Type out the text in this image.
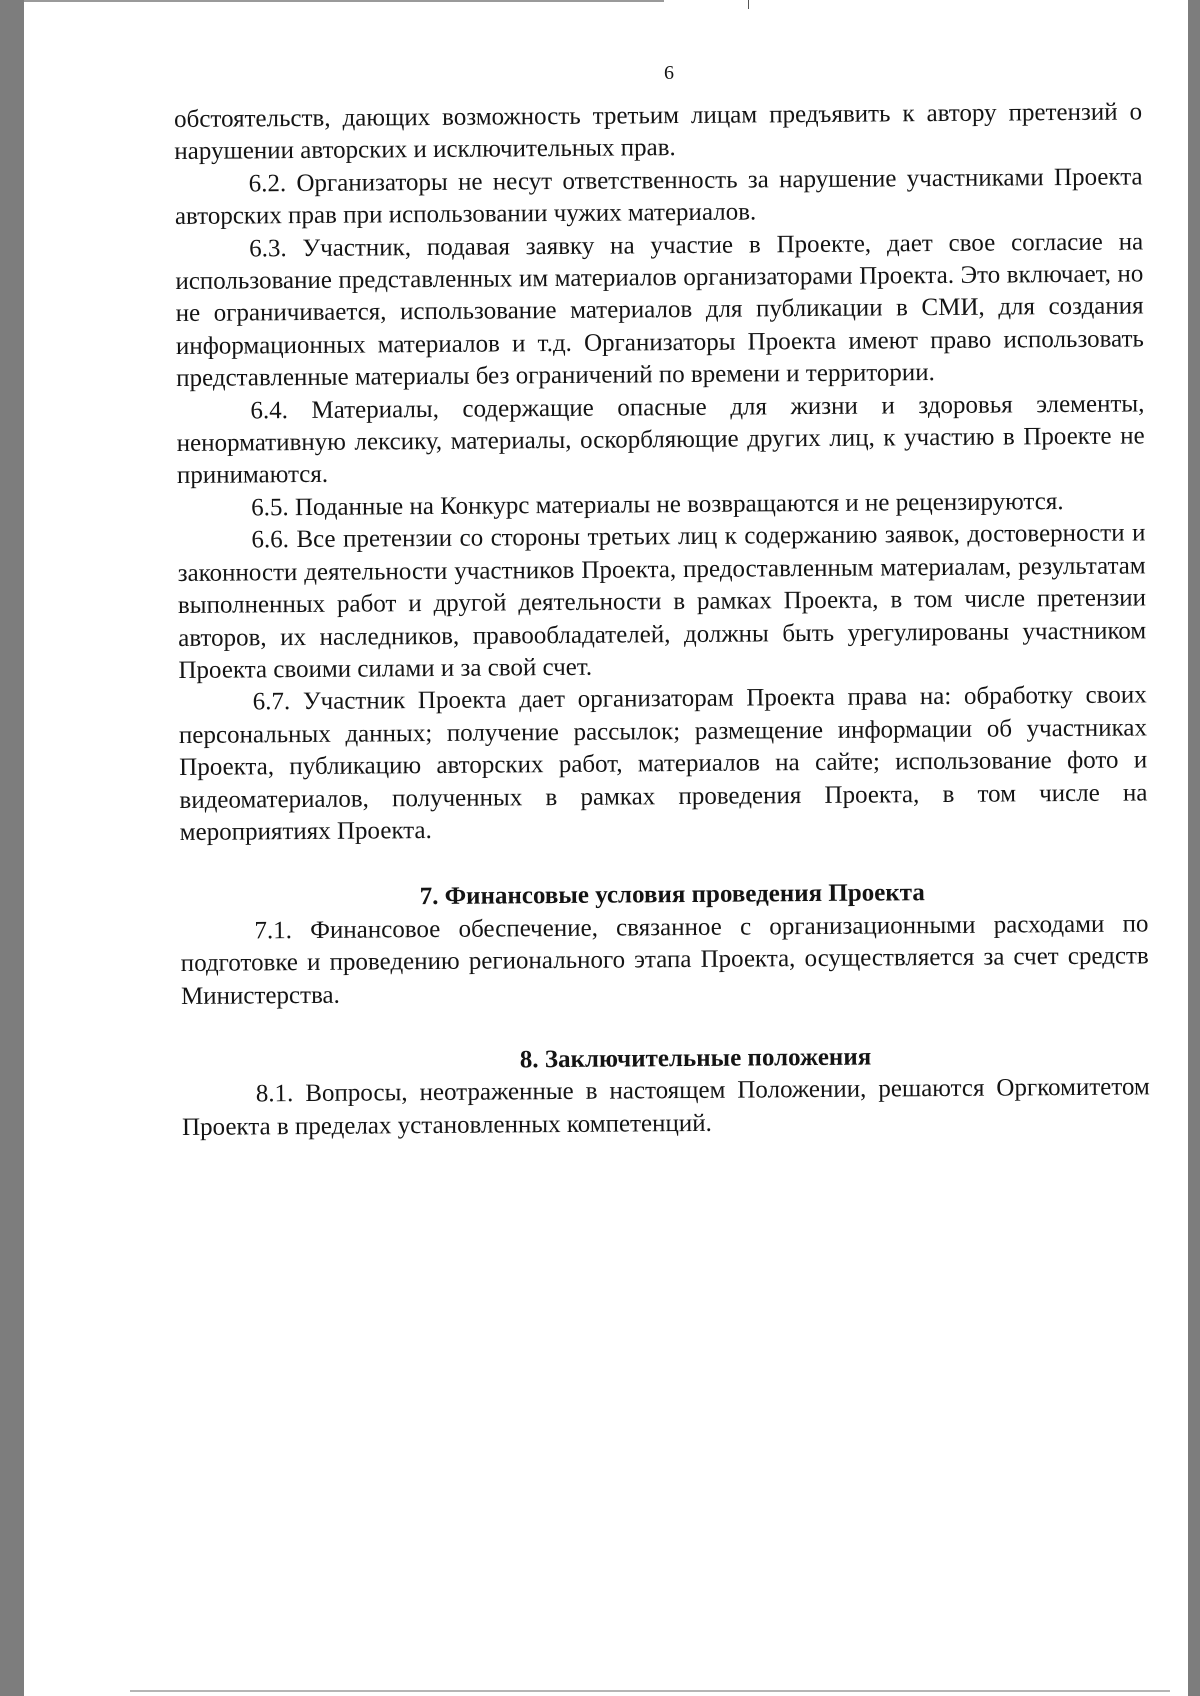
6

обстоятельств, дающих возможность третьим лицам предъявить к автору претензий о нарушении авторских и исключительных прав.

6.2. Организаторы не несут ответственность за нарушение участниками Проекта авторских прав при использовании чужих материалов.

6.3. Участник, подавая заявку на участие в Проекте, дает свое согласие на использование представленных им материалов организаторами Проекта. Это включает, но не ограничивается, использование материалов для публикации в СМИ, для создания информационных материалов и т.д. Организаторы Проекта имеют право использовать представленные материалы без ограничений по времени и территории.

6.4. Материалы, содержащие опасные для жизни и здоровья элементы, ненормативную лексику, материалы, оскорбляющие других лиц, к участию в Проекте не принимаются.

6.5. Поданные на Конкурс материалы не возвращаются и не рецензируются.

6.6. Все претензии со стороны третьих лиц к содержанию заявок, достоверности и законности деятельности участников Проекта, предоставленным материалам, результатам выполненных работ и другой деятельности в рамках Проекта, в том числе претензии авторов, их наследников, правообладателей, должны быть урегулированы участником Проекта своими силами и за свой счет.

6.7. Участник Проекта дает организаторам Проекта права на: обработку своих персональных данных; получение рассылок; размещение информации об участниках Проекта, публикацию авторских работ, материалов на сайте; использование фото и видеоматериалов, полученных в рамках проведения Проекта, в том числе на мероприятиях Проекта.

7. Финансовые условия проведения Проекта

7.1. Финансовое обеспечение, связанное с организационными расходами по подготовке и проведению регионального этапа Проекта, осуществляется за счет средств Министерства.

8. Заключительные положения

8.1. Вопросы, неотраженные в настоящем Положении, решаются Оргкомитетом Проекта в пределах установленных компетенций.
